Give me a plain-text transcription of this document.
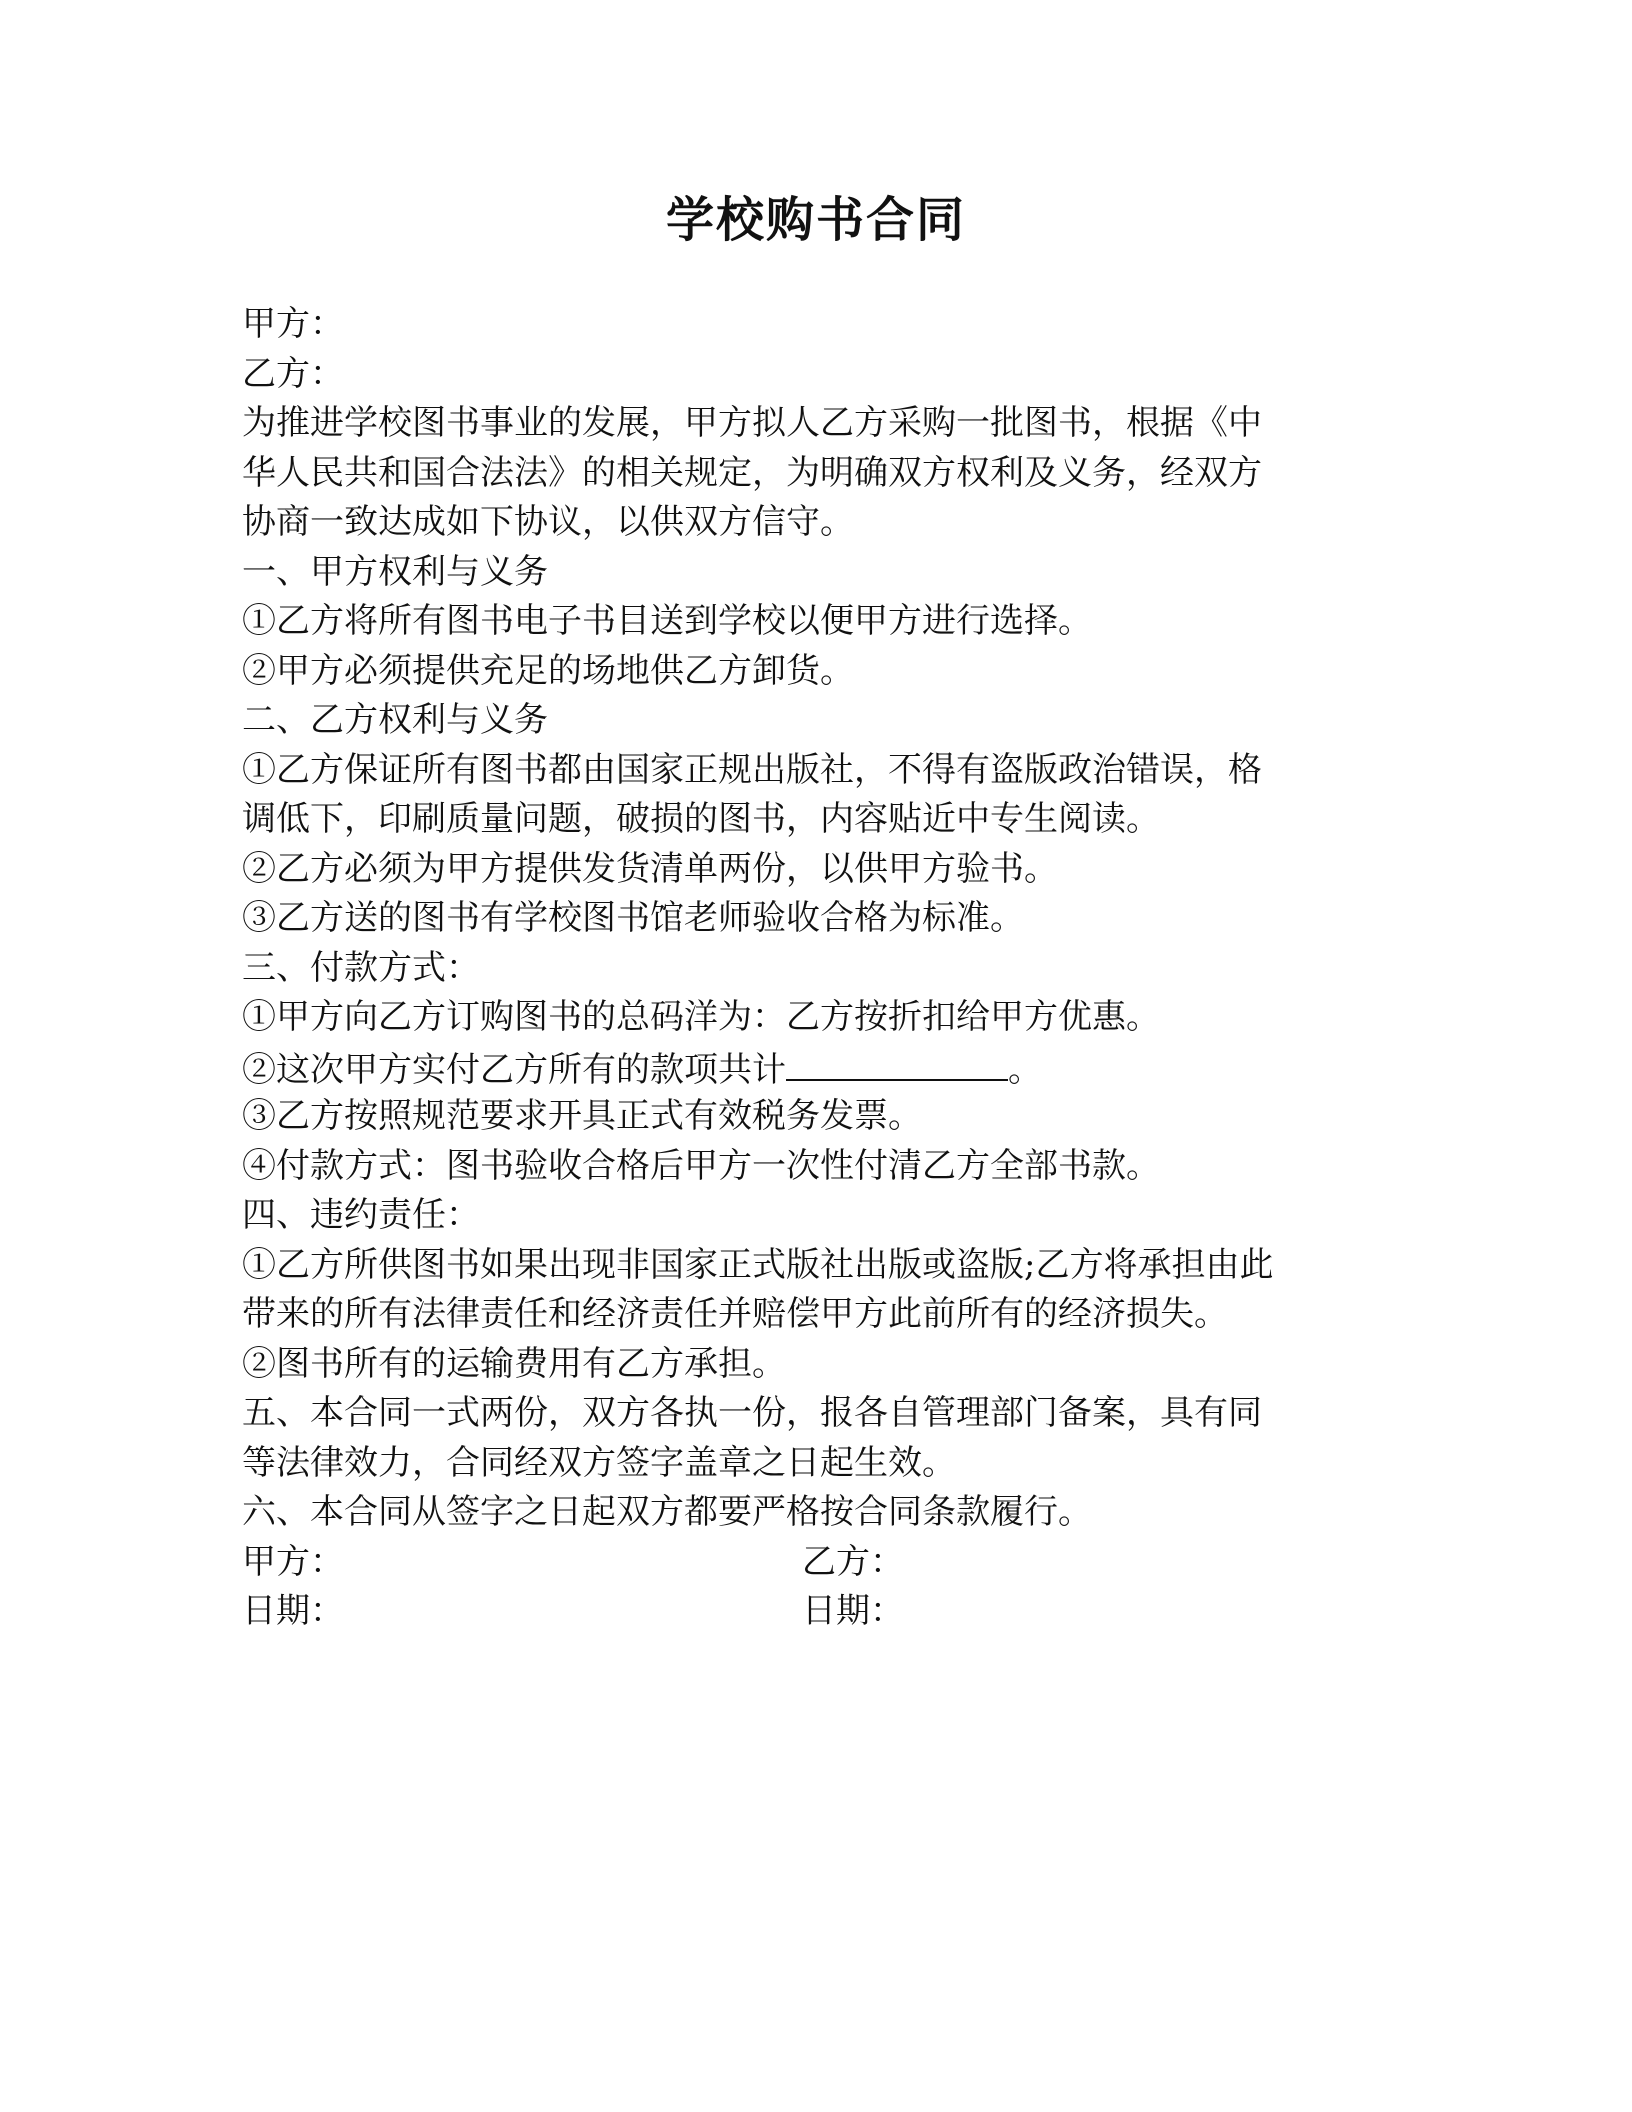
学校购书合同
甲方：
乙方：
为推进学校图书事业的发展，甲方拟人乙方采购一批图书，根据《中
华人民共和国合法法》的相关规定，为明确双方权利及义务，经双方
协商一致达成如下协议，以供双方信守。
一、甲方权利与义务
①乙方将所有图书电子书目送到学校以便甲方进行选择。
②甲方必须提供充足的场地供乙方卸货。
二、乙方权利与义务
①乙方保证所有图书都由国家正规出版社，不得有盗版政治错误，格
调低下，印刷质量问题，破损的图书，内容贴近中专生阅读。
②乙方必须为甲方提供发货清单两份，以供甲方验书。
③乙方送的图书有学校图书馆老师验收合格为标准。
三、付款方式：
①甲方向乙方订购图书的总码洋为：乙方按折扣给甲方优惠。
②这次甲方实付乙方所有的款项共计	。
③乙方按照规范要求开具正式有效税务发票。
④付款方式：图书验收合格后甲方一次性付清乙方全部书款。
四、违约责任：
①乙方所供图书如果出现非国家正式版社出版或盗版;乙方将承担由此
带来的所有法律责任和经济责任并赔偿甲方此前所有的经济损失。
②图书所有的运输费用有乙方承担。
五、本合同一式两份，双方各执一份，报各自管理部门备案，具有同
等法律效力，合同经双方签字盖章之日起生效。
六、本合同从签字之日起双方都要严格按合同条款履行。
甲方：	乙方：
日期：	日期：
